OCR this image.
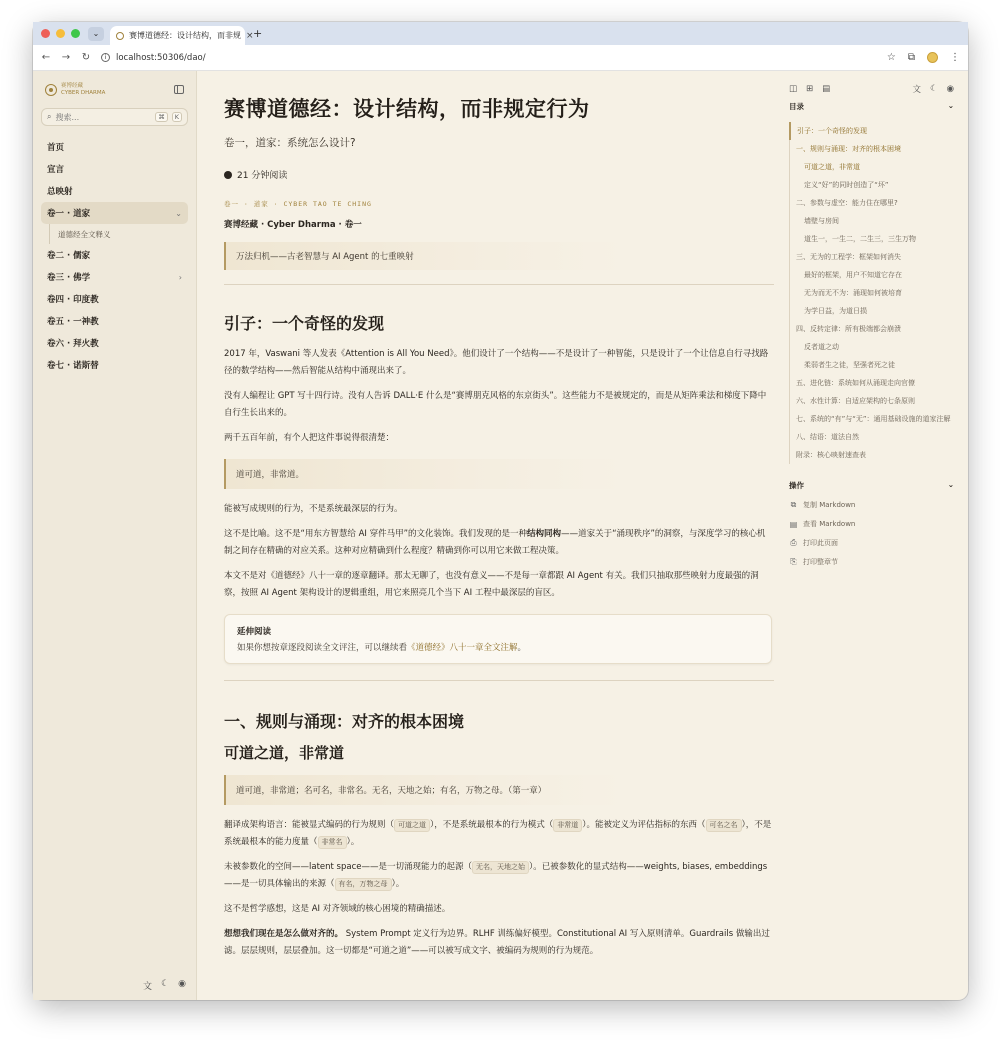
⌄	赛博道德经：设计结构，而非规 × +
← → ↻	i	localhost:50306/dao/	☆ ⧉	⋮
赛博经藏
CYBER DHARMA
⌕ 搜索...	⌘	K
首页
宣言
总映射
卷一 · 道家	⌄
道德经全文释义
卷二 · 儒家
卷三 · 佛学	›
卷四 · 印度教
卷五 · 一神教
卷六 · 拜火教
卷七 · 诺斯替
文 ☾ ◉
赛博道德经：设计结构，而非规定行为
卷一，道家：系统怎么设计?
21 分钟阅读
卷一 · 道家 · CYBER TAO TE CHING
赛博经藏 · Cyber Dharma · 卷一
万法归机——古老智慧与 AI Agent 的七重映射
引子：一个奇怪的发现

2017 年，Vaswani 等人发表《Attention is All You Need》。他们设计了一个结构——不是设计了一种智能，只是设计了一个让信息自行寻找路径的数学结构——然后智能从结构中涌现出来了。

没有人编程让 GPT 写十四行诗。没有人告诉 DALL·E 什么是“赛博朋克风格的东京街头”。这些能力不是被规定的，而是从矩阵乘法和梯度下降中自行生长出来的。

两千五百年前，有个人把这件事说得很清楚：

道可道，非常道。

能被写成规则的行为，不是系统最深层的行为。

这不是比喻。这不是“用东方智慧给 AI 穿件马甲”的文化装饰。我们发现的是一种结构同构——道家关于“涌现秩序”的洞察，与深度学习的核心机制之间存在精确的对应关系。这种对应精确到什么程度？精确到你可以用它来做工程决策。

本文不是对《道德经》八十一章的逐章翻译。那太无聊了，也没有意义——不是每一章都跟 AI Agent 有关。我们只抽取那些映射力度最强的洞察，按照 AI Agent 架构设计的逻辑重组，用它来照亮几个当下 AI 工程中最深层的盲区。

延伸阅读
如果你想按章逐段阅读全文评注，可以继续看《道德经》八十一章全文注解。
一、规则与涌现：对齐的根本困境
可道之道，非常道
道可道，非常道；名可名，非常名。无名，天地之始；有名，万物之母。（第一章）

翻译成架构语言：能被显式编码的行为规则（ 可道之道 ），不是系统最根本的行为模式（ 非常道 ）。能被定义为评估指标的东西（ 可名之名 ），不是系统最根本的能力度量（ 非常名 ）。

未被参数化的空间——latent space——是一切涌现能力的起源（ 无名，天地之始 ）。已被参数化的显式结构——weights, biases, embeddings——是一切具体输出的来源（ 有名，万物之母 ）。

这不是哲学感想，这是 AI 对齐领域的核心困境的精确描述。

想想我们现在是怎么做对齐的。 System Prompt 定义行为边界。RLHF 训练偏好模型。Constitutional AI 写入原则清单。Guardrails 做输出过滤。层层规则，层层叠加。这一切都是“可道之道”——可以被写成文字、被编码为规则的行为规范。

◫ ⊞ ▤	文 ☾ ◉
目录	⌄
引子：一个奇怪的发现
一、规则与涌现：对齐的根本困境
可道之道，非常道
定义“好”的同时创造了“坏”
二、参数与虚空：能力住在哪里?
墙壁与房间
道生一，一生二，二生三，三生万物
三、无为的工程学：框架如何消失
最好的框架，用户不知道它存在
无为而无不为：涌现如何被培育
为学日益，为道日损
四、反转定律：所有极端都会崩溃
反者道之动
柔弱者生之徒，坚强者死之徒
五、进化链：系统如何从涌现走向官僚
六、水性计算：自适应架构的七条原则
七、系统的“有”与“无”：通用基础设施的道家注解
八、结语：道法自然
附录：核心映射速查表
操作	⌄
⧉ 复制 Markdown
▤ 查看 Markdown
⎙ 打印此页面
⎘ 打印整章节
